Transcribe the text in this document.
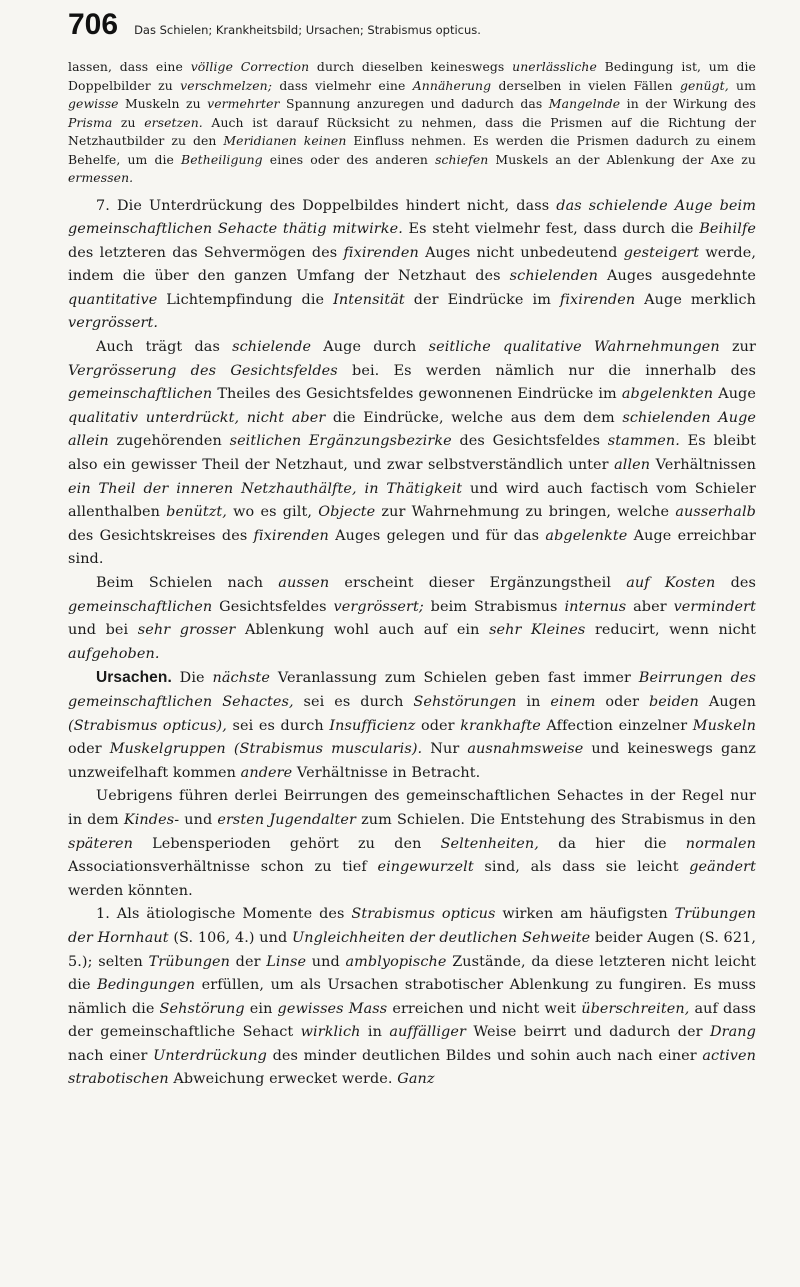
706 Das Schielen; Krankheitsbild; Ursachen; Strabismus opticus.

lassen, dass eine völlige Correction durch dieselben keineswegs unerlässliche Bedingung ist, um die Doppelbilder zu verschmelzen; dass vielmehr eine Annäherung derselben in vielen Fällen genügt, um gewisse Muskeln zu vermehrter Spannung anzuregen und dadurch das Mangelnde in der Wirkung des Prisma zu ersetzen. Auch ist darauf Rücksicht zu nehmen, dass die Prismen auf die Richtung der Netzhautbilder zu den Meridianen keinen Einfluss nehmen. Es werden die Prismen dadurch zu einem Behelfe, um die Betheiligung eines oder des anderen schiefen Muskels an der Ablenkung der Axe zu ermessen.

7. Die Unterdrückung des Doppelbildes hindert nicht, dass das schielende Auge beim gemeinschaftlichen Sehacte thätig mitwirke. Es steht vielmehr fest, dass durch die Beihilfe des letzteren das Sehvermögen des fixirenden Auges nicht unbedeutend gesteigert werde, indem die über den ganzen Umfang der Netzhaut des schielenden Auges ausgedehnte quantitative Lichtempfindung die Intensität der Eindrücke im fixirenden Auge merklich vergrössert.

Auch trägt das schielende Auge durch seitliche qualitative Wahrnehmungen zur Vergrösserung des Gesichtsfeldes bei. Es werden nämlich nur die innerhalb des gemeinschaftlichen Theiles des Gesichtsfeldes gewonnenen Eindrücke im abgelenkten Auge qualitativ unterdrückt, nicht aber die Eindrücke, welche aus dem dem schielenden Auge allein zugehörenden seitlichen Ergänzungsbezirke des Gesichtsfeldes stammen. Es bleibt also ein gewisser Theil der Netzhaut, und zwar selbstverständlich unter allen Verhältnissen ein Theil der inneren Netzhauthälfte, in Thätigkeit und wird auch factisch vom Schieler allenthalben benützt, wo es gilt, Objecte zur Wahrnehmung zu bringen, welche ausserhalb des Gesichtskreises des fixirenden Auges gelegen und für das abgelenkte Auge erreichbar sind.

Beim Schielen nach aussen erscheint dieser Ergänzungstheil auf Kosten des gemeinschaftlichen Gesichtsfeldes vergrössert; beim Strabismus internus aber vermindert und bei sehr grosser Ablenkung wohl auch auf ein sehr Kleines reducirt, wenn nicht aufgehoben.

Ursachen. Die nächste Veranlassung zum Schielen geben fast immer Beirrungen des gemeinschaftlichen Sehactes, sei es durch Sehstörungen in einem oder beiden Augen (Strabismus opticus), sei es durch Insufficienz oder krankhafte Affection einzelner Muskeln oder Muskelgruppen (Strabismus muscularis). Nur ausnahmsweise und keineswegs ganz unzweifelhaft kommen andere Verhältnisse in Betracht.

Uebrigens führen derlei Beirrungen des gemeinschaftlichen Sehactes in der Regel nur in dem Kindes- und ersten Jugendalter zum Schielen. Die Entstehung des Strabismus in den späteren Lebensperioden gehört zu den Seltenheiten, da hier die normalen Associationsverhältnisse schon zu tief eingewurzelt sind, als dass sie leicht geändert werden könnten.

1. Als ätiologische Momente des Strabismus opticus wirken am häufigsten Trübungen der Hornhaut (S. 106, 4.) und Ungleichheiten der deutlichen Sehweite beider Augen (S. 621, 5.); selten Trübungen der Linse und amblyopische Zustände, da diese letzteren nicht leicht die Bedingungen erfüllen, um als Ursachen strabotischer Ablenkung zu fungiren. Es muss nämlich die Sehstörung ein gewisses Mass erreichen und nicht weit überschreiten, auf dass der gemeinschaftliche Sehact wirklich in auffälliger Weise beirrt und dadurch der Drang nach einer Unterdrückung des minder deutlichen Bildes und sohin auch nach einer activen strabotischen Abweichung erwecket werde. Ganz
